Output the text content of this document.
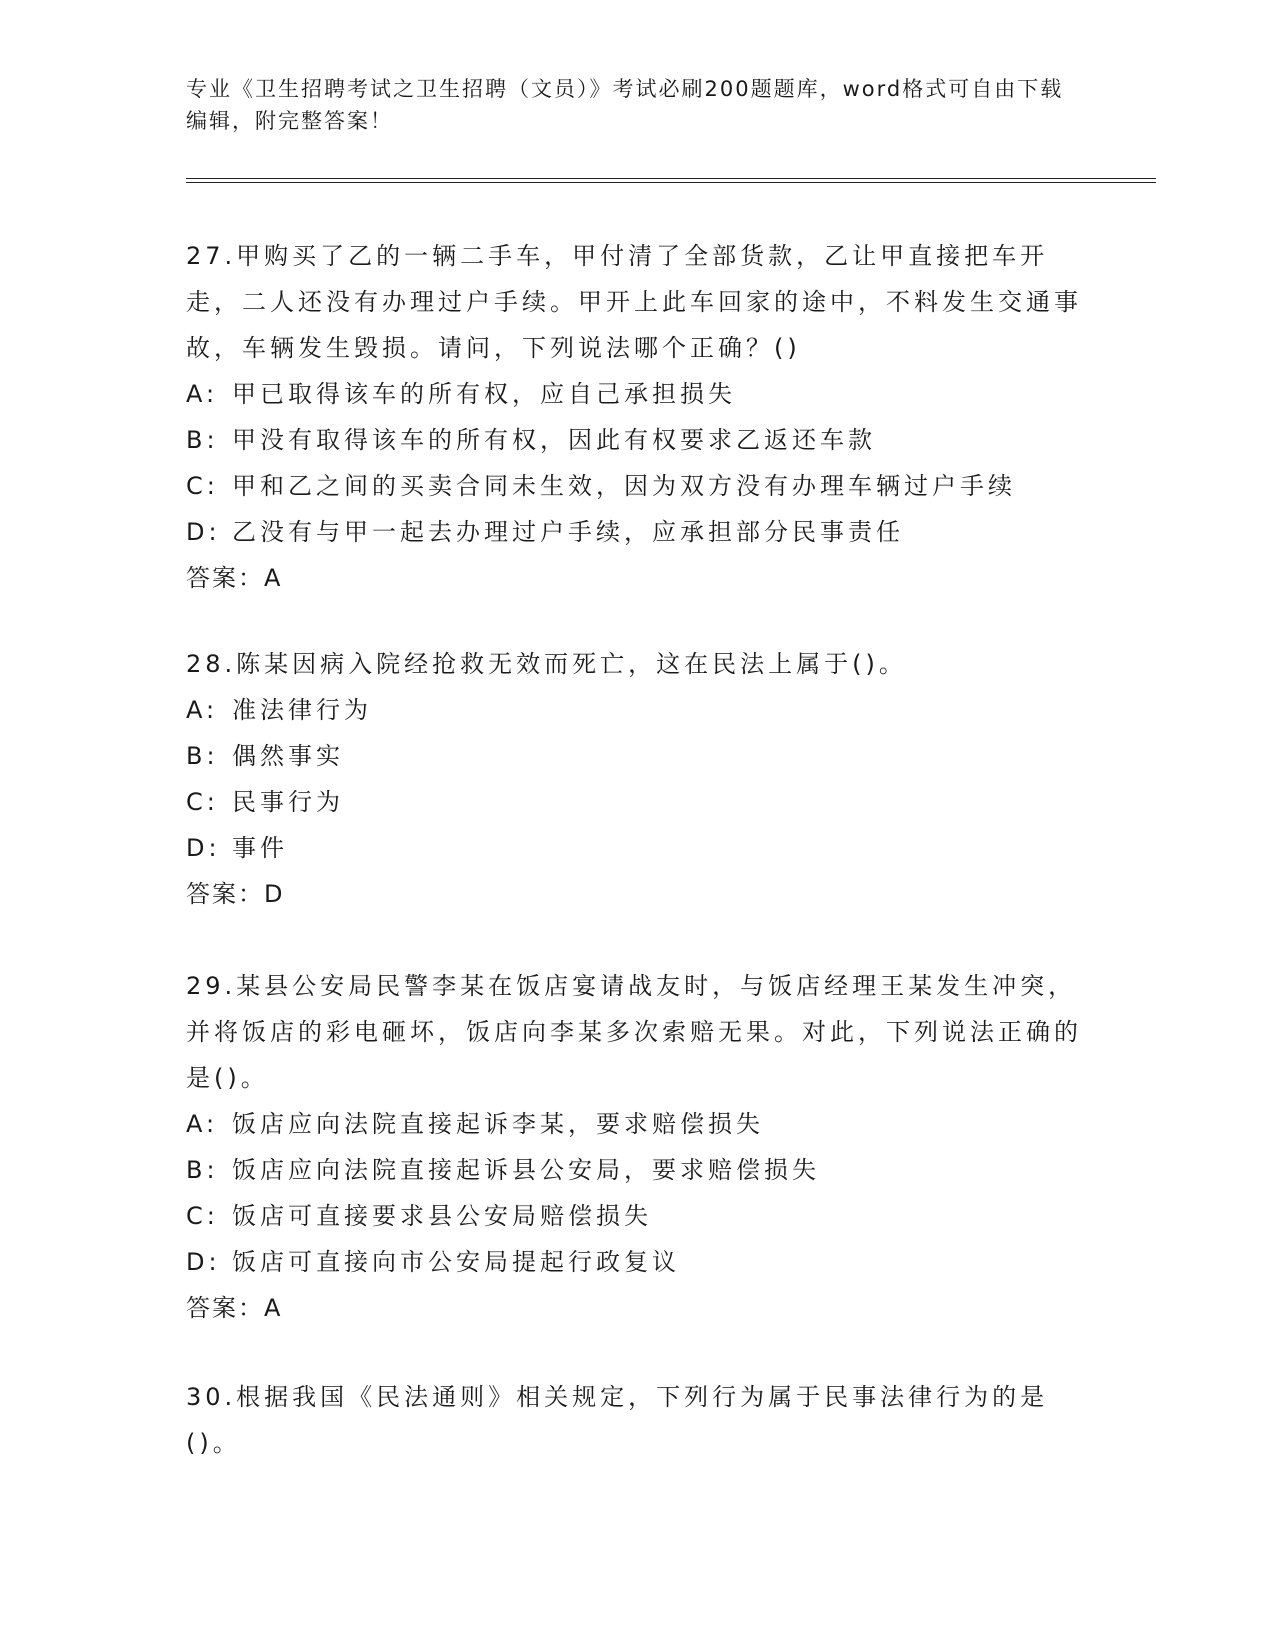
专业《卫生招聘考试之卫生招聘（文员）》考试必刷200题题库，word格式可自由下载编辑，附完整答案！
27.甲购买了乙的一辆二手车，甲付清了全部货款，乙让甲直接把车开走，二人还没有办理过户手续。甲开上此车回家的途中，不料发生交通事故，车辆发生毁损。请问，下列说法哪个正确？()
A: 甲已取得该车的所有权，应自己承担损失
B: 甲没有取得该车的所有权，因此有权要求乙返还车款
C: 甲和乙之间的买卖合同未生效，因为双方没有办理车辆过户手续
D: 乙没有与甲一起去办理过户手续，应承担部分民事责任
答案：A
28.陈某因病入院经抢救无效而死亡，这在民法上属于()。
A: 准法律行为
B: 偶然事实
C: 民事行为
D: 事件
答案：D
29.某县公安局民警李某在饭店宴请战友时，与饭店经理王某发生冲突，并将饭店的彩电砸坏，饭店向李某多次索赔无果。对此，下列说法正确的是()。
A: 饭店应向法院直接起诉李某，要求赔偿损失
B: 饭店应向法院直接起诉县公安局，要求赔偿损失
C: 饭店可直接要求县公安局赔偿损失
D: 饭店可直接向市公安局提起行政复议
答案：A
30.根据我国《民法通则》相关规定，下列行为属于民事法律行为的是()。
